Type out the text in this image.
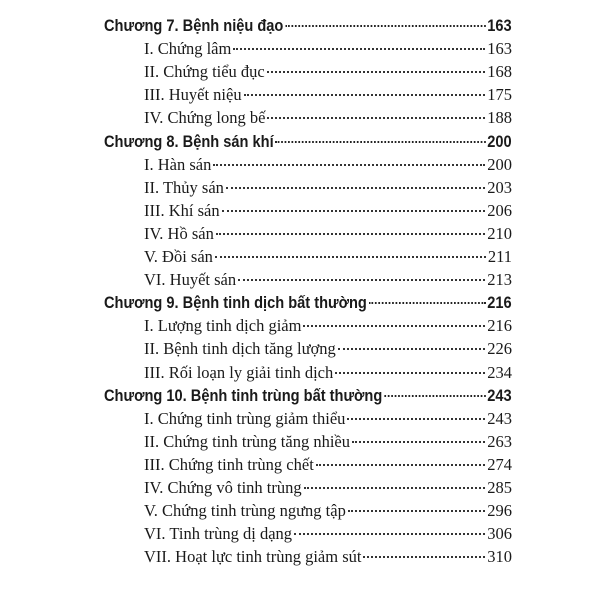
Chương 7. Bệnh niệu đạo	163
I. Chứng lâm	163
II. Chứng tiểu đục	168
III. Huyết niệu	175
IV. Chứng long bế	188
Chương 8. Bệnh sán khí	200
I. Hàn sán	200
II. Thủy sán	203
III. Khí sán	206
IV. Hồ sán	210
V. Đồi sán	211
VI. Huyết sán	213
Chương 9. Bệnh tinh dịch bất thường	216
I. Lượng tinh dịch giảm	216
II. Bệnh tinh dịch tăng lượng	226
III. Rối loạn ly giải tinh dịch	234
Chương 10. Bệnh tinh trùng bất thường	243
I. Chứng tinh trùng giảm thiểu	243
II. Chứng tinh trùng tăng nhiều	263
III. Chứng tinh trùng chết	274
IV. Chứng vô tinh trùng	285
V. Chứng tinh trùng ngưng tập	296
VI. Tinh trùng dị dạng	306
VII. Hoạt lực tinh trùng giảm sút	310
